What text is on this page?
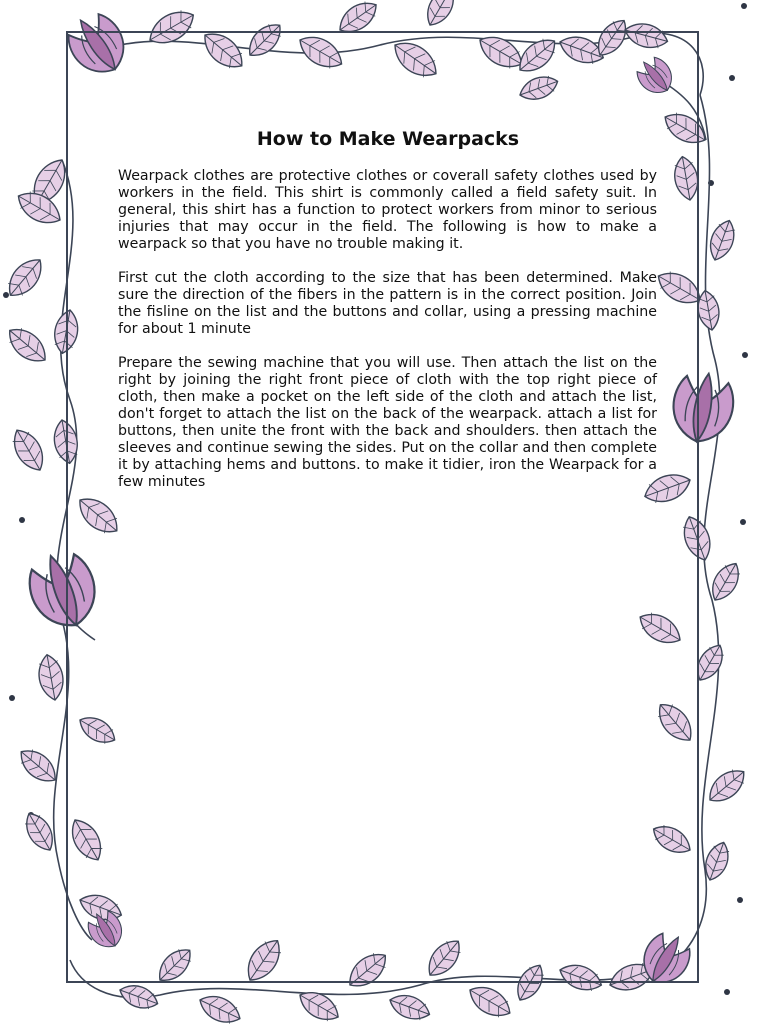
How to Make Wearpacks

Wearpack clothes are protective clothes or coverall safety clothes used by workers in the field. This shirt is commonly called a field safety suit. In general, this shirt has a function to protect workers from minor to serious injuries that may occur in the field. The following is how to make a wearpack so that you have no trouble making it.

First cut the cloth according to the size that has been determined. Make sure the direction of the fibers in the pattern is in the correct position. Join the fisline on the list and the buttons and collar, using a pressing machine for about 1 minute

Prepare the sewing machine that you will use. Then attach the list on the right by joining the right front piece of cloth with the top right piece of cloth, then make a pocket on the left side of the cloth and attach the list, don't forget to attach the list on the back of the wearpack. attach a list for buttons, then unite the front with the back and shoulders. then attach the sleeves and continue sewing the sides. Put on the collar and then complete it by attaching hems and buttons. to make it tidier, iron the Wearpack for a few minutes
